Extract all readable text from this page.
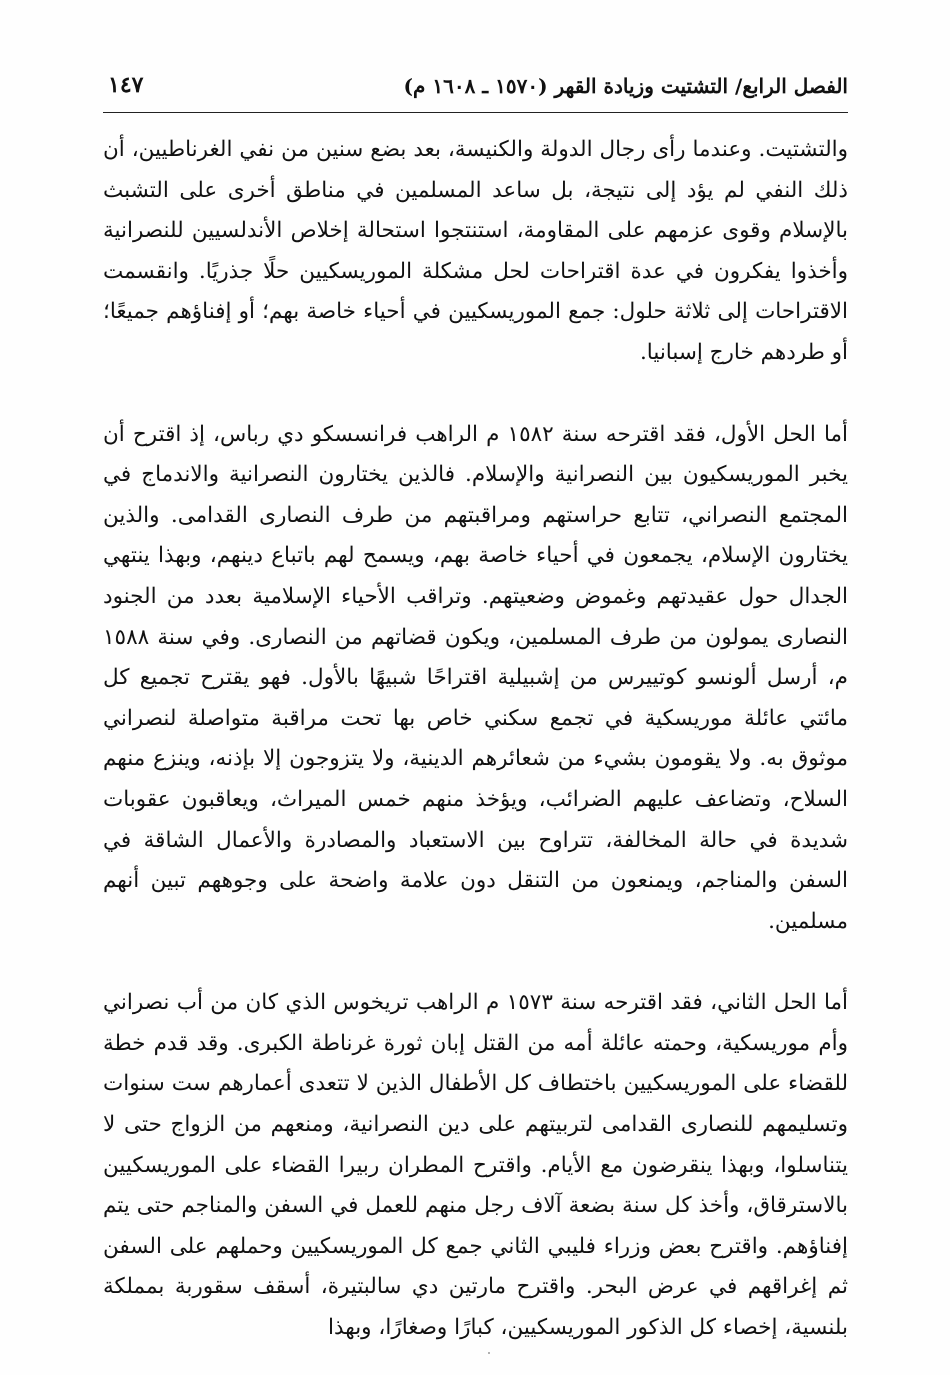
الفصل الرابع/ التشتيت وزيادة القهر (١٥٧٠ ـ ١٦٠٨ م)
١٤٧

والتشتيت. وعندما رأى رجال الدولة والكنيسة، بعد بضع سنين من نفي الغرناطيين، أن ذلك النفي لم يؤد إلى نتيجة، بل ساعد المسلمين في مناطق أخرى على التشبث بالإسلام وقوى عزمهم على المقاومة، استنتجوا استحالة إخلاص الأندلسيين للنصرانية وأخذوا يفكرون في عدة اقتراحات لحل مشكلة الموريسكيين حلًا جذريًا. وانقسمت الاقتراحات إلى ثلاثة حلول: جمع الموريسكيين في أحياء خاصة بهم؛ أو إفناؤهم جميعًا؛ أو طردهم خارج إسبانيا.

أما الحل الأول، فقد اقترحه سنة ١٥٨٢ م الراهب فرانسسكو دي رباس، إذ اقترح أن يخبر الموريسكيون بين النصرانية والإسلام. فالذين يختارون النصرانية والاندماج في المجتمع النصراني، تتابع حراستهم ومراقبتهم من طرف النصارى القدامى. والذين يختارون الإسلام، يجمعون في أحياء خاصة بهم، ويسمح لهم باتباع دينهم، وبهذا ينتهي الجدال حول عقيدتهم وغموض وضعيتهم. وتراقب الأحياء الإسلامية بعدد من الجنود النصارى يمولون من طرف المسلمين، ويكون قضاتهم من النصارى. وفي سنة ١٥٨٨ م، أرسل ألونسو كوتييرس من إشبيلية اقتراحًا شبيهًا بالأول. فهو يقترح تجميع كل مائتي عائلة موريسكية في تجمع سكني خاص بها تحت مراقبة متواصلة لنصراني موثوق به. ولا يقومون بشيء من شعائرهم الدينية، ولا يتزوجون إلا بإذنه، وينزع منهم السلاح، وتضاعف عليهم الضرائب، ويؤخذ منهم خمس الميراث، ويعاقبون عقوبات شديدة في حالة المخالفة، تتراوح بين الاستعباد والمصادرة والأعمال الشاقة في السفن والمناجم، ويمنعون من التنقل دون علامة واضحة على وجوههم تبين أنهم مسلمين.

أما الحل الثاني، فقد اقترحه سنة ١٥٧٣ م الراهب تريخوس الذي كان من أب نصراني وأم موريسكية، وحمته عائلة أمه من القتل إبان ثورة غرناطة الكبرى. وقد قدم خطة للقضاء على الموريسكيين باختطاف كل الأطفال الذين لا تتعدى أعمارهم ست سنوات وتسليمهم للنصارى القدامى لتربيتهم على دين النصرانية، ومنعهم من الزواج حتى لا يتناسلوا، وبهذا ينقرضون مع الأيام. واقترح المطران ربيرا القضاء على الموريسكيين بالاسترقاق، وأخذ كل سنة بضعة آلاف رجل منهم للعمل في السفن والمناجم حتى يتم إفناؤهم. واقترح بعض وزراء فليبي الثاني جمع كل الموريسكيين وحملهم على السفن ثم إغراقهم في عرض البحر. واقترح مارتين دي سالبتيرة، أسقف سقوربة بمملكة بلنسية، إخصاء كل الذكور الموريسكيين، كبارًا وصغارًا، وبهذا
